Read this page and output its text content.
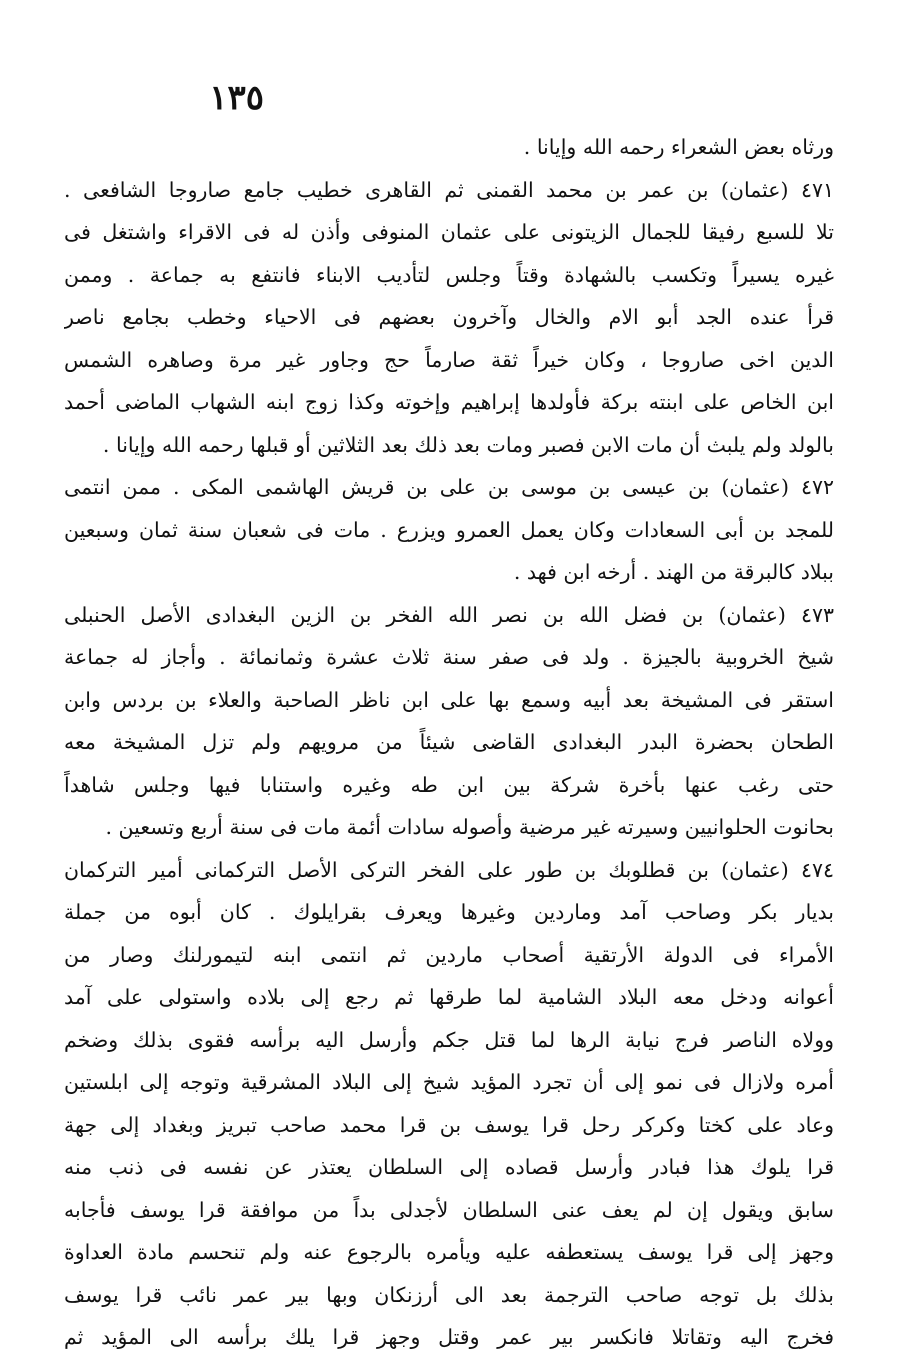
١٣٥
ورثاه بعض الشعراء رحمه الله وإيانا .
٤٧١ (عثمان) بن عمر بن محمد القمنى ثم القاهرى خطيب جامع صاروجا الشافعى .
تلا للسبع رفيقا للجمال الزيتونى على عثمان المنوفى وأذن له فى الاقراء واشتغل فى
غيره يسيراً وتكسب بالشهادة وقتاً وجلس لتأديب الابناء فانتفع به جماعة . وممن
قرأ عنده الجد أبو الام والخال وآخرون بعضهم فى الاحياء وخطب بجامع ناصر
الدين اخى صاروجا ، وكان خيراً ثقة صارماً حج وجاور غير مرة وصاهره الشمس
ابن الخاص على ابنته بركة فأولدها إبراهيم وإخوته وكذا زوج ابنه الشهاب الماضى أحمد
بالولد ولم يلبث أن مات الابن فصبر ومات بعد ذلك بعد الثلاثين أو قبلها رحمه الله وإيانا .
٤٧٢ (عثمان) بن عيسى بن موسى بن على بن قريش الهاشمى المكى . ممن انتمى
للمجد بن أبى السعادات وكان يعمل العمرو ويزرع . مات فى شعبان سنة ثمان وسبعين
ببلاد كالبرقة من الهند . أرخه ابن فهد .
٤٧٣ (عثمان) بن فضل الله بن نصر الله الفخر بن الزين البغدادى الأصل الحنبلى
شيخ الخروبية بالجيزة . ولد فى صفر سنة ثلاث عشرة وثمانمائة . وأجاز له جماعة
استقر فى المشيخة بعد أبيه وسمع بها على ابن ناظر الصاحبة والعلاء بن بردس وابن
الطحان بحضرة البدر البغدادى القاضى شيئاً من مرويهم ولم تزل المشيخة معه
حتى رغب عنها بأخرة شركة بين ابن طه وغيره واستنابا فيها وجلس شاهداً
بحانوت الحلوانيين وسيرته غير مرضية وأصوله سادات أئمة مات فى سنة أربع وتسعين .
٤٧٤ (عثمان) بن قطلوبك بن طور على الفخر التركى الأصل التركمانى أمير التركمان
بديار بكر وصاحب آمد وماردين وغيرها ويعرف بقرايلوك . كان أبوه من جملة
الأمراء فى الدولة الأرتقية أصحاب ماردين ثم انتمى ابنه لتيمورلنك وصار من
أعوانه ودخل معه البلاد الشامية لما طرقها ثم رجع إلى بلاده واستولى على آمد
وولاه الناصر فرج نيابة الرها لما قتل جكم وأرسل اليه برأسه فقوى بذلك وضخم
أمره ولازال فى نمو إلى أن تجرد المؤيد شيخ إلى البلاد المشرقية وتوجه إلى ابلستين
وعاد على كختا وكركر رحل قرا يوسف بن قرا محمد صاحب تبريز وبغداد إلى جهة
قرا يلوك هذا فبادر وأرسل قصاده إلى السلطان يعتذر عن نفسه فى ذنب منه
سابق ويقول إن لم يعف عنى السلطان لأجدلى بداً من موافقة قرا يوسف فأجابه
وجهز إلى قرا يوسف يستعطفه عليه ويأمره بالرجوع عنه ولم تنحسم مادة العداوة
بذلك بل توجه صاحب الترجمة بعد الى أرزنكان وبها بير عمر نائب قرا يوسف
فخرج اليه وتقاتلا فانكسر بير عمر وقتل وجهز قرا يلك برأسه الى المؤيد ثم
